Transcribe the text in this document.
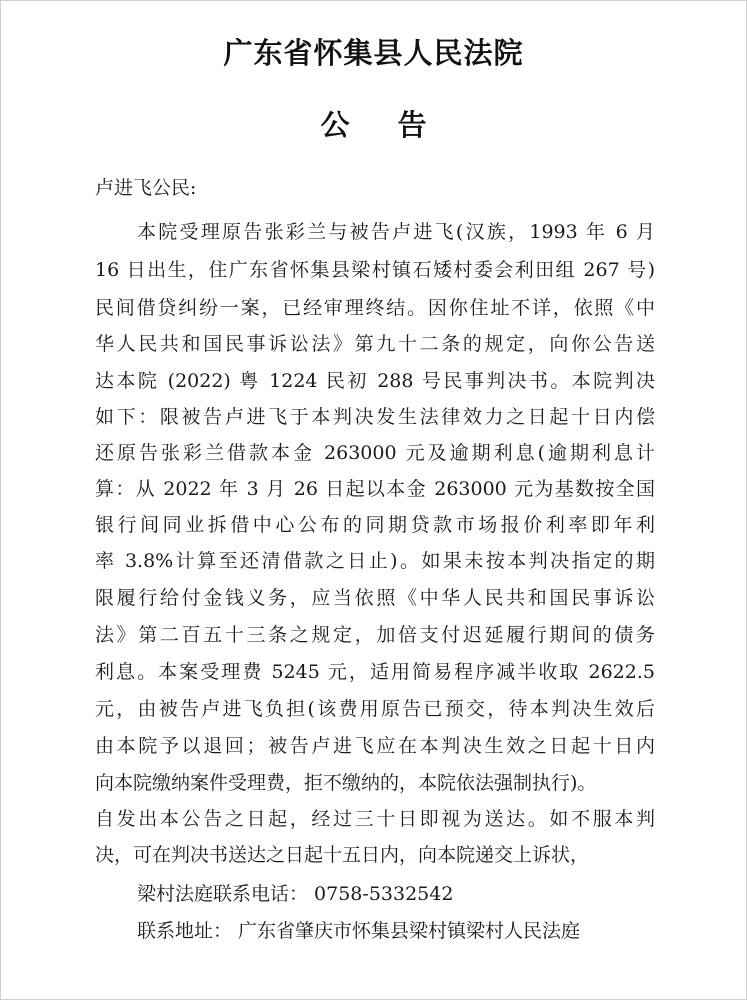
广东省怀集县人民法院
公告
卢进飞公民:
本院受理原告张彩兰与被告卢进飞(汉族，1993 年 6 月
16 日出生，住广东省怀集县梁村镇石矮村委会利田组 267 号)
民间借贷纠纷一案，已经审理终结。因你住址不详，依照《中
华人民共和国民事诉讼法》第九十二条的规定，向你公告送
达本院 (2022) 粤 1224 民初 288 号民事判决书。本院判决
如下：限被告卢进飞于本判决发生法律效力之日起十日内偿
还原告张彩兰借款本金 263000 元及逾期利息(逾期利息计
算：从 2022 年 3 月 26 日起以本金 263000 元为基数按全国
银行间同业拆借中心公布的同期贷款市场报价利率即年利
率 3.8%计算至还清借款之日止)。如果未按本判决指定的期
限履行给付金钱义务，应当依照《中华人民共和国民事诉讼
法》第二百五十三条之规定，加倍支付迟延履行期间的债务
利息。本案受理费 5245 元，适用简易程序减半收取 2622.5
元，由被告卢进飞负担(该费用原告已预交，待本判决生效后
由本院予以退回；被告卢进飞应在本判决生效之日起十日内
向本院缴纳案件受理费，拒不缴纳的，本院依法强制执行)。
自发出本公告之日起，经过三十日即视为送达。如不服本判
决，可在判决书送达之日起十五日内，向本院递交上诉状，
梁村法庭联系电话： 0758-5332542
联系地址： 广东省肇庆市怀集县梁村镇梁村人民法庭
